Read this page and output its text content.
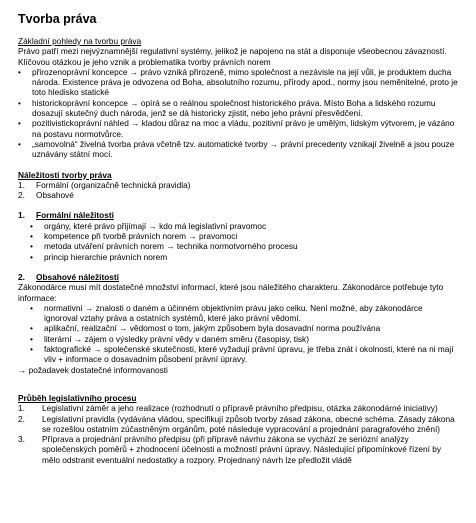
Tvorba práva

Základní pohledy na tvorbu práva

Právo patří mezi nejvýznamnější regulativní systémy, jelikož je napojeno na stát a disponuje všeobecnou závazností. Klíčovou otázkou je jeho vznik a problematika tvorby právních norem

•	přirozenoprávní koncepce → právo vzniká přirozeně, mimo společnost a nezávisle na její vůli, je produktem ducha národa. Existence práva je odvozena od Boha, absolutního rozumu, přírody apod., normy jsou neměnitelné, proto je toto hledisko statické
•	historickoprávní koncepce → opírá se o reálnou společnost historického práva. Místo Boha a lidského rozumu dosazují skutečný duch národa, jenž se dá historicky zjistit, nebo jeho právní přesvědčení.
•	pozitivistickoprávní náhled → kladou důraz na moc a vládu, pozitivní právo je umělým, lidským výtvorem, je vázáno na postavu normotvůrce.
•	„samovolná“ živelná tvorba práva včetně tzv. automatické tvorby → právní precedenty vznikají živelně a jsou pouze uznávány státní mocí.

Náležitosti tvorby práva

1.	Formální (organizačně technická pravidla)
2.	Obsahové
1.	Formální náležitosti
•	orgány, které právo přijímají → kdo má legislativní pravomoc
•	kompetence při tvorbě právních norem → pravomoci
•	metoda utváření právních norem → technika normotvorného procesu
•	princip hierarchie právních norem
2.	Obsahové náležitosti

Zákonodárce musí mít dostatečné množství informací, které jsou náležitého charakteru. Zákonodárce potřebuje tyto informace:

•	normativní → znalosti o daném a účinném objektivním právu jako celku. Není možné, aby zákonodárce ignoroval vztahy práva a ostatních systémů, které jako právní vědomí.
•	aplikační, realizační → vědomost o tom, jakým způsobem byla dosavadní norma používána
•	literární → zájem o výsledky právní vědy v daném směru (časopisy, tisk)
•	faktografické → společenské skutečnosti, které vyžadují právní úpravu, je třeba znát i okolnosti, které na ni mají vliv + informace o dosavadním působení právní úpravy.

→ požadavek dostatečné informovanosti

Průběh legislativního procesu

1.	Legislativní záměr a jeho realizace (rozhodnutí o přípravě právního předpisu, otázka zákonodárné iniciativy)
2.	Legislativní pravidla (vydávána vládou, specifikují způsob tvorby zásad zákona, obecné schéma. Zásady zákona se rozešlou ostatním zúčastněným orgánům, poté následuje vypracování a projednání paragrafového znění)
3.	Příprava a projednání právního předpisu (při přípravě návrhu zákona se vychází ze seriózní analýzy společenských poměrů + zhodnocení účelnosti a možností právní úpravy. Následující připomínkové řízení by mělo odstranit eventuální nedostatky a rozpory. Projednaný návrh lze předložit vládě
